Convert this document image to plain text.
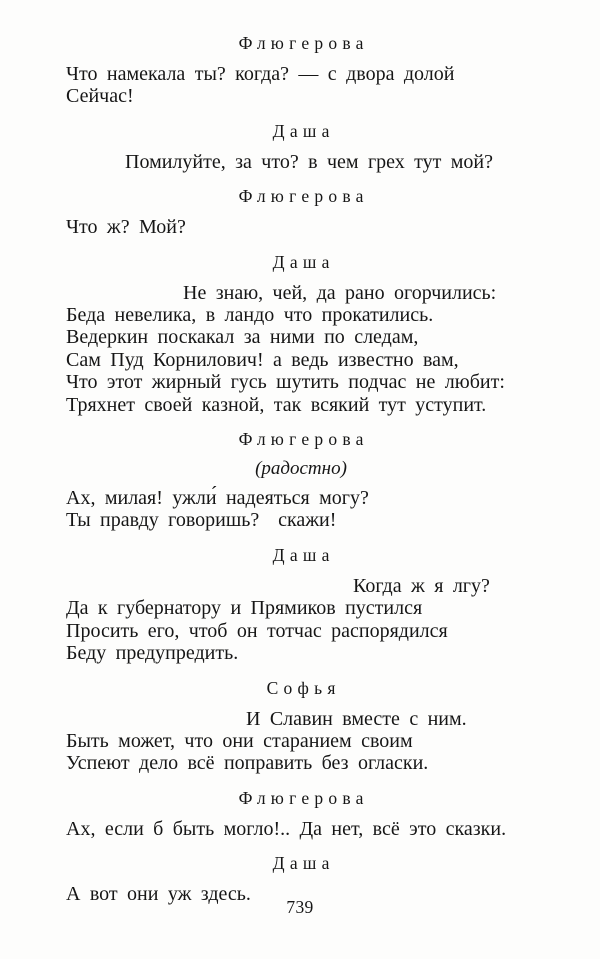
Флюгерова
Что намекала ты? когда? — с двора долой
Сейчас!
Даша
Помилуйте, за что? в чем грех тут мой?
Флюгерова
Что ж? Мой?
Даша
Не знаю, чей, да рано огорчились:
Беда невелика, в ландо что прокатились.
Ведеркин поскакал за ними по следам,
Сам Пуд Корнилович! а ведь известно вам,
Что этот жирный гусь шутить подчас не любит:
Тряхнет своей казной, так всякий тут уступит.
Флюгерова
(радостно)
Ах, милая! ужли́ надеяться могу?
Ты правду говоришь?  скажи!
Даша
Когда ж я лгу?
Да к губернатору и Прямиков пустился
Просить его, чтоб он тотчас распорядился
Беду предупредить.
Софья
И Славин вместе с ним.
Быть может, что они старанием своим
Успеют дело всё поправить без огласки.
Флюгерова
Ах, если б быть могло!.. Да нет, всё это сказки.
Даша
А вот они уж здесь.
739
